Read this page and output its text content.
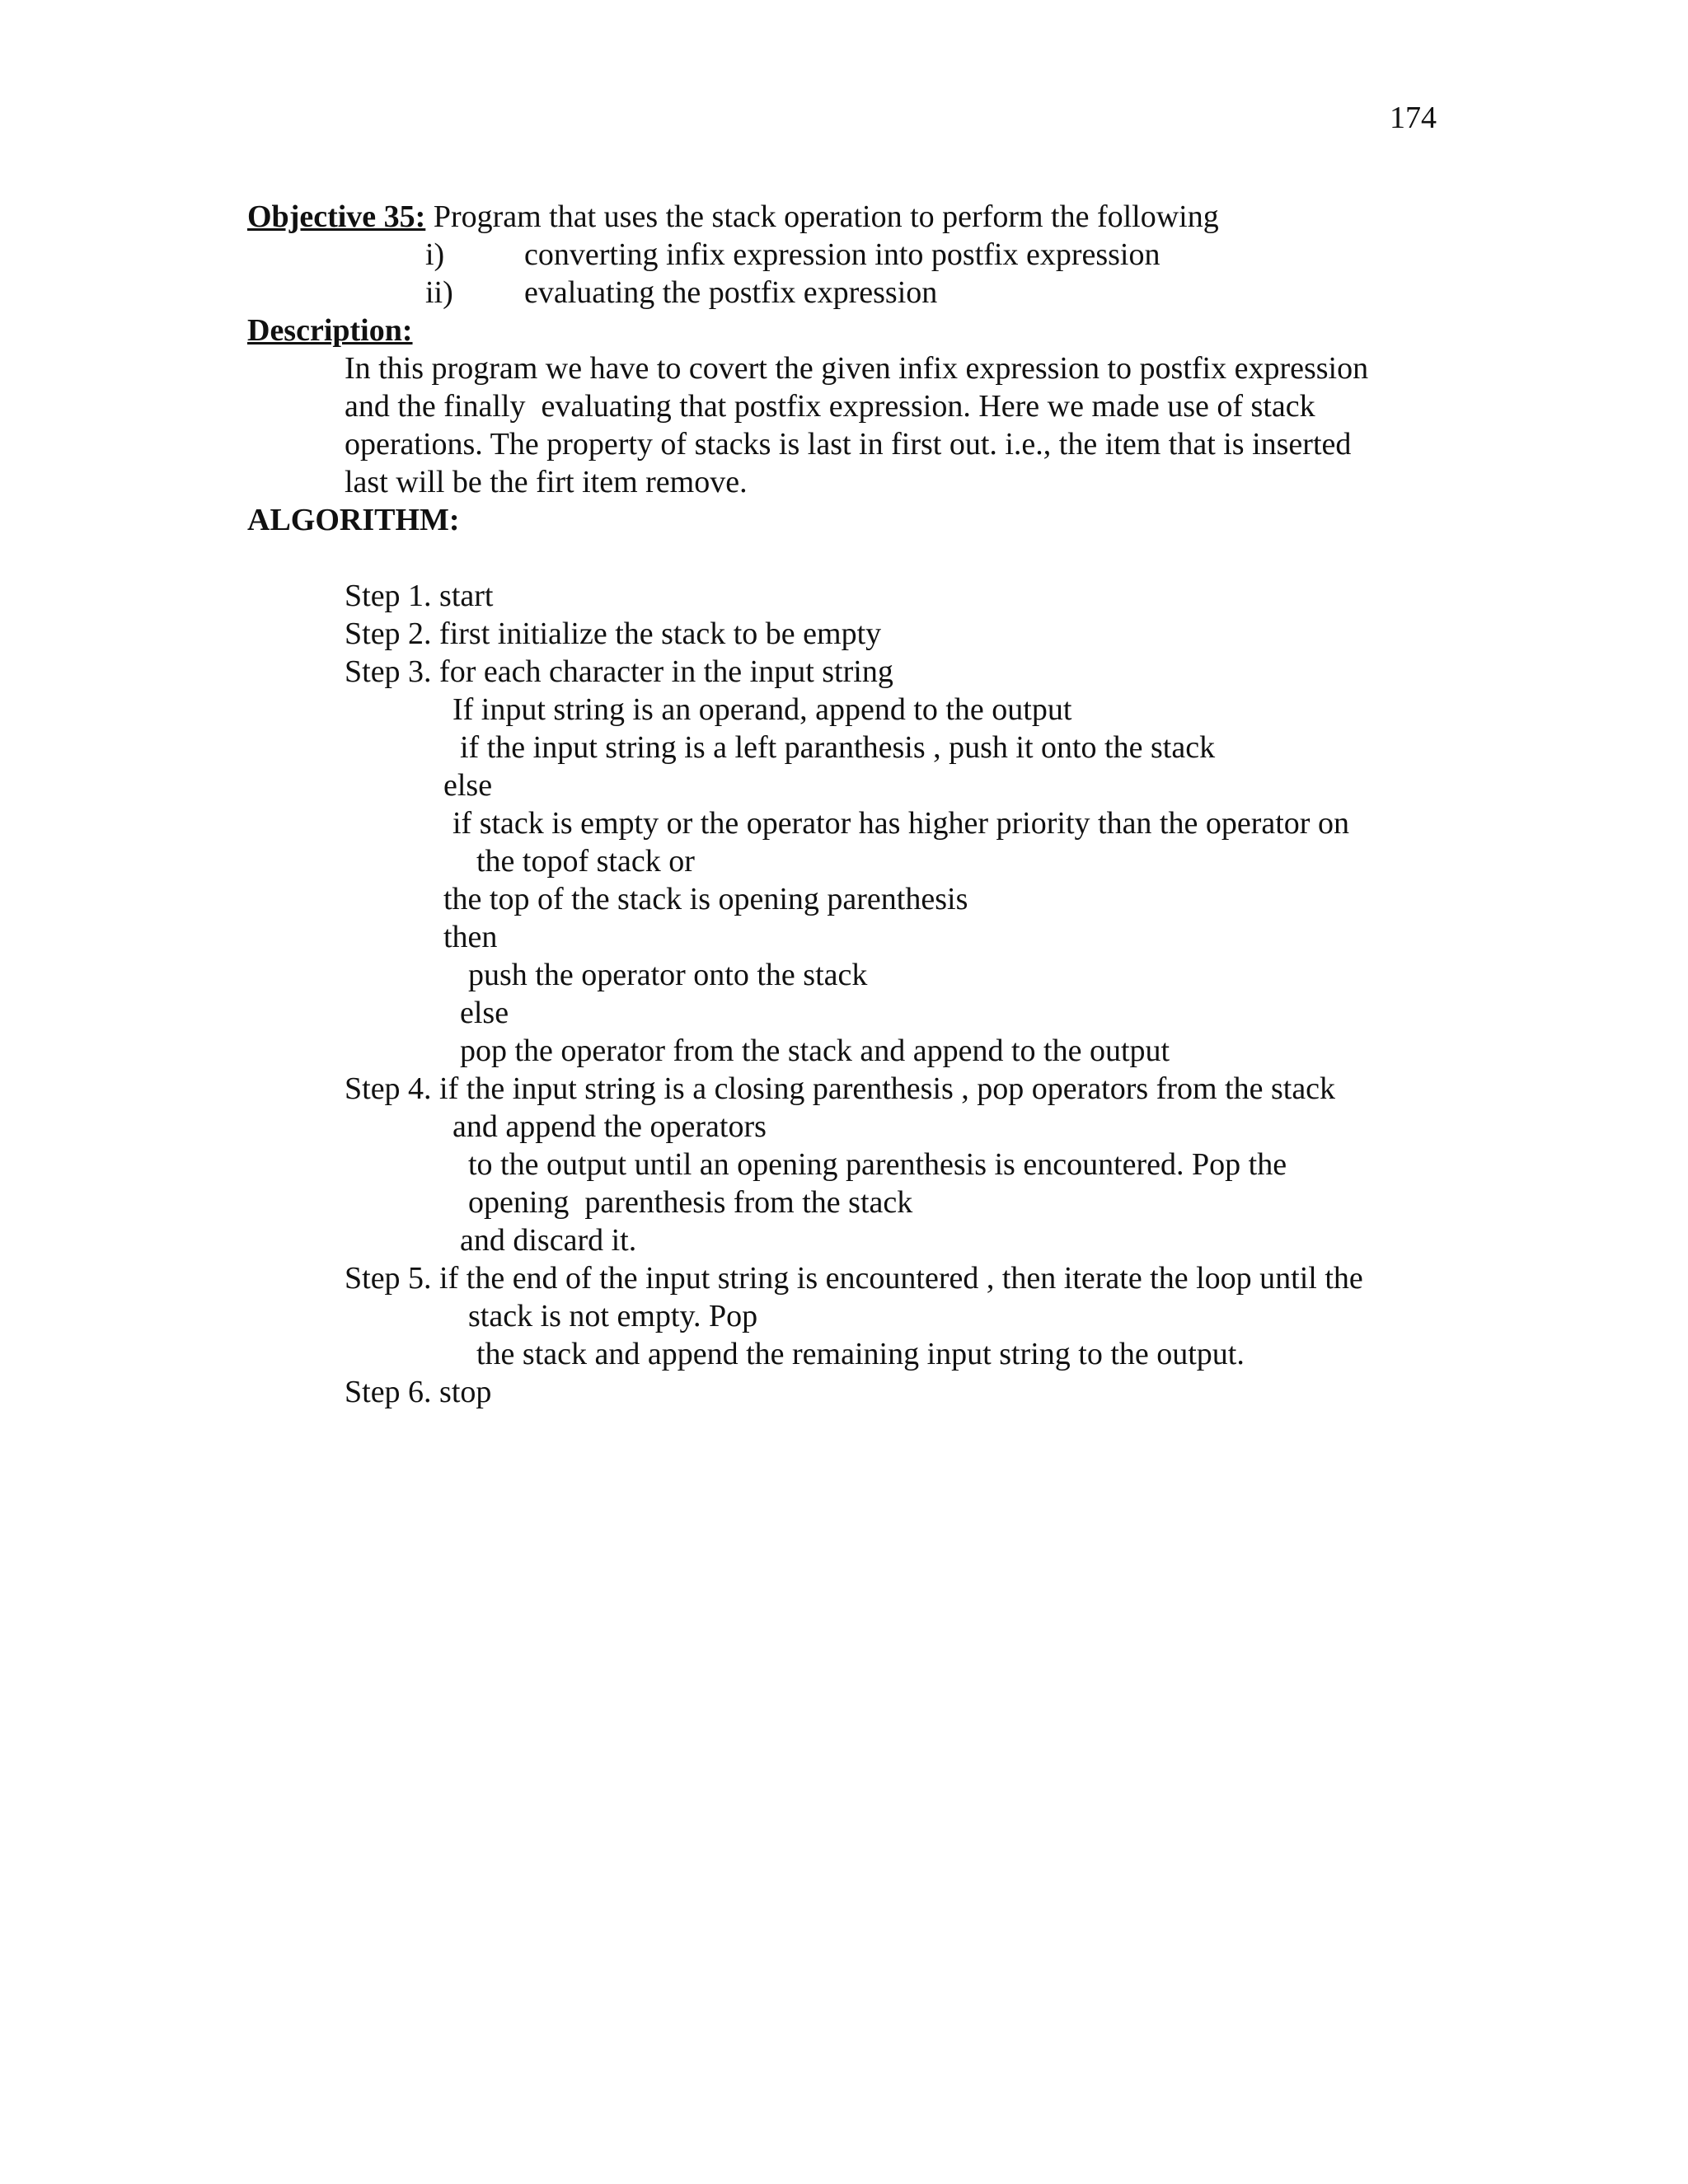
174
Objective 35: Program that uses the stack operation to perform the following
i)	converting infix expression into postfix expression
ii) evaluating the postfix expression
Description:
In this program we have to covert the given infix expression to postfix expression
and the finally  evaluating that postfix expression. Here we made use of stack
operations. The property of stacks is last in first out. i.e., the item that is inserted
last will be the firt item remove.
ALGORITHM:
Step 1. start
Step 2. first initialize the stack to be empty
Step 3. for each character in the input string
If input string is an operand, append to the output
if the input string is a left paranthesis , push it onto the stack
else
if stack is empty or the operator has higher priority than the operator on
the topof stack or
the top of the stack is opening parenthesis
then
push the operator onto the stack
else
pop the operator from the stack and append to the output
Step 4. if the input string is a closing parenthesis , pop operators from the stack
and append the operators
to the output until an opening parenthesis is encountered. Pop the
opening  parenthesis from the stack
and discard it.
Step 5. if the end of the input string is encountered , then iterate the loop until the
stack is not empty. Pop
the stack and append the remaining input string to the output.
Step 6. stop
